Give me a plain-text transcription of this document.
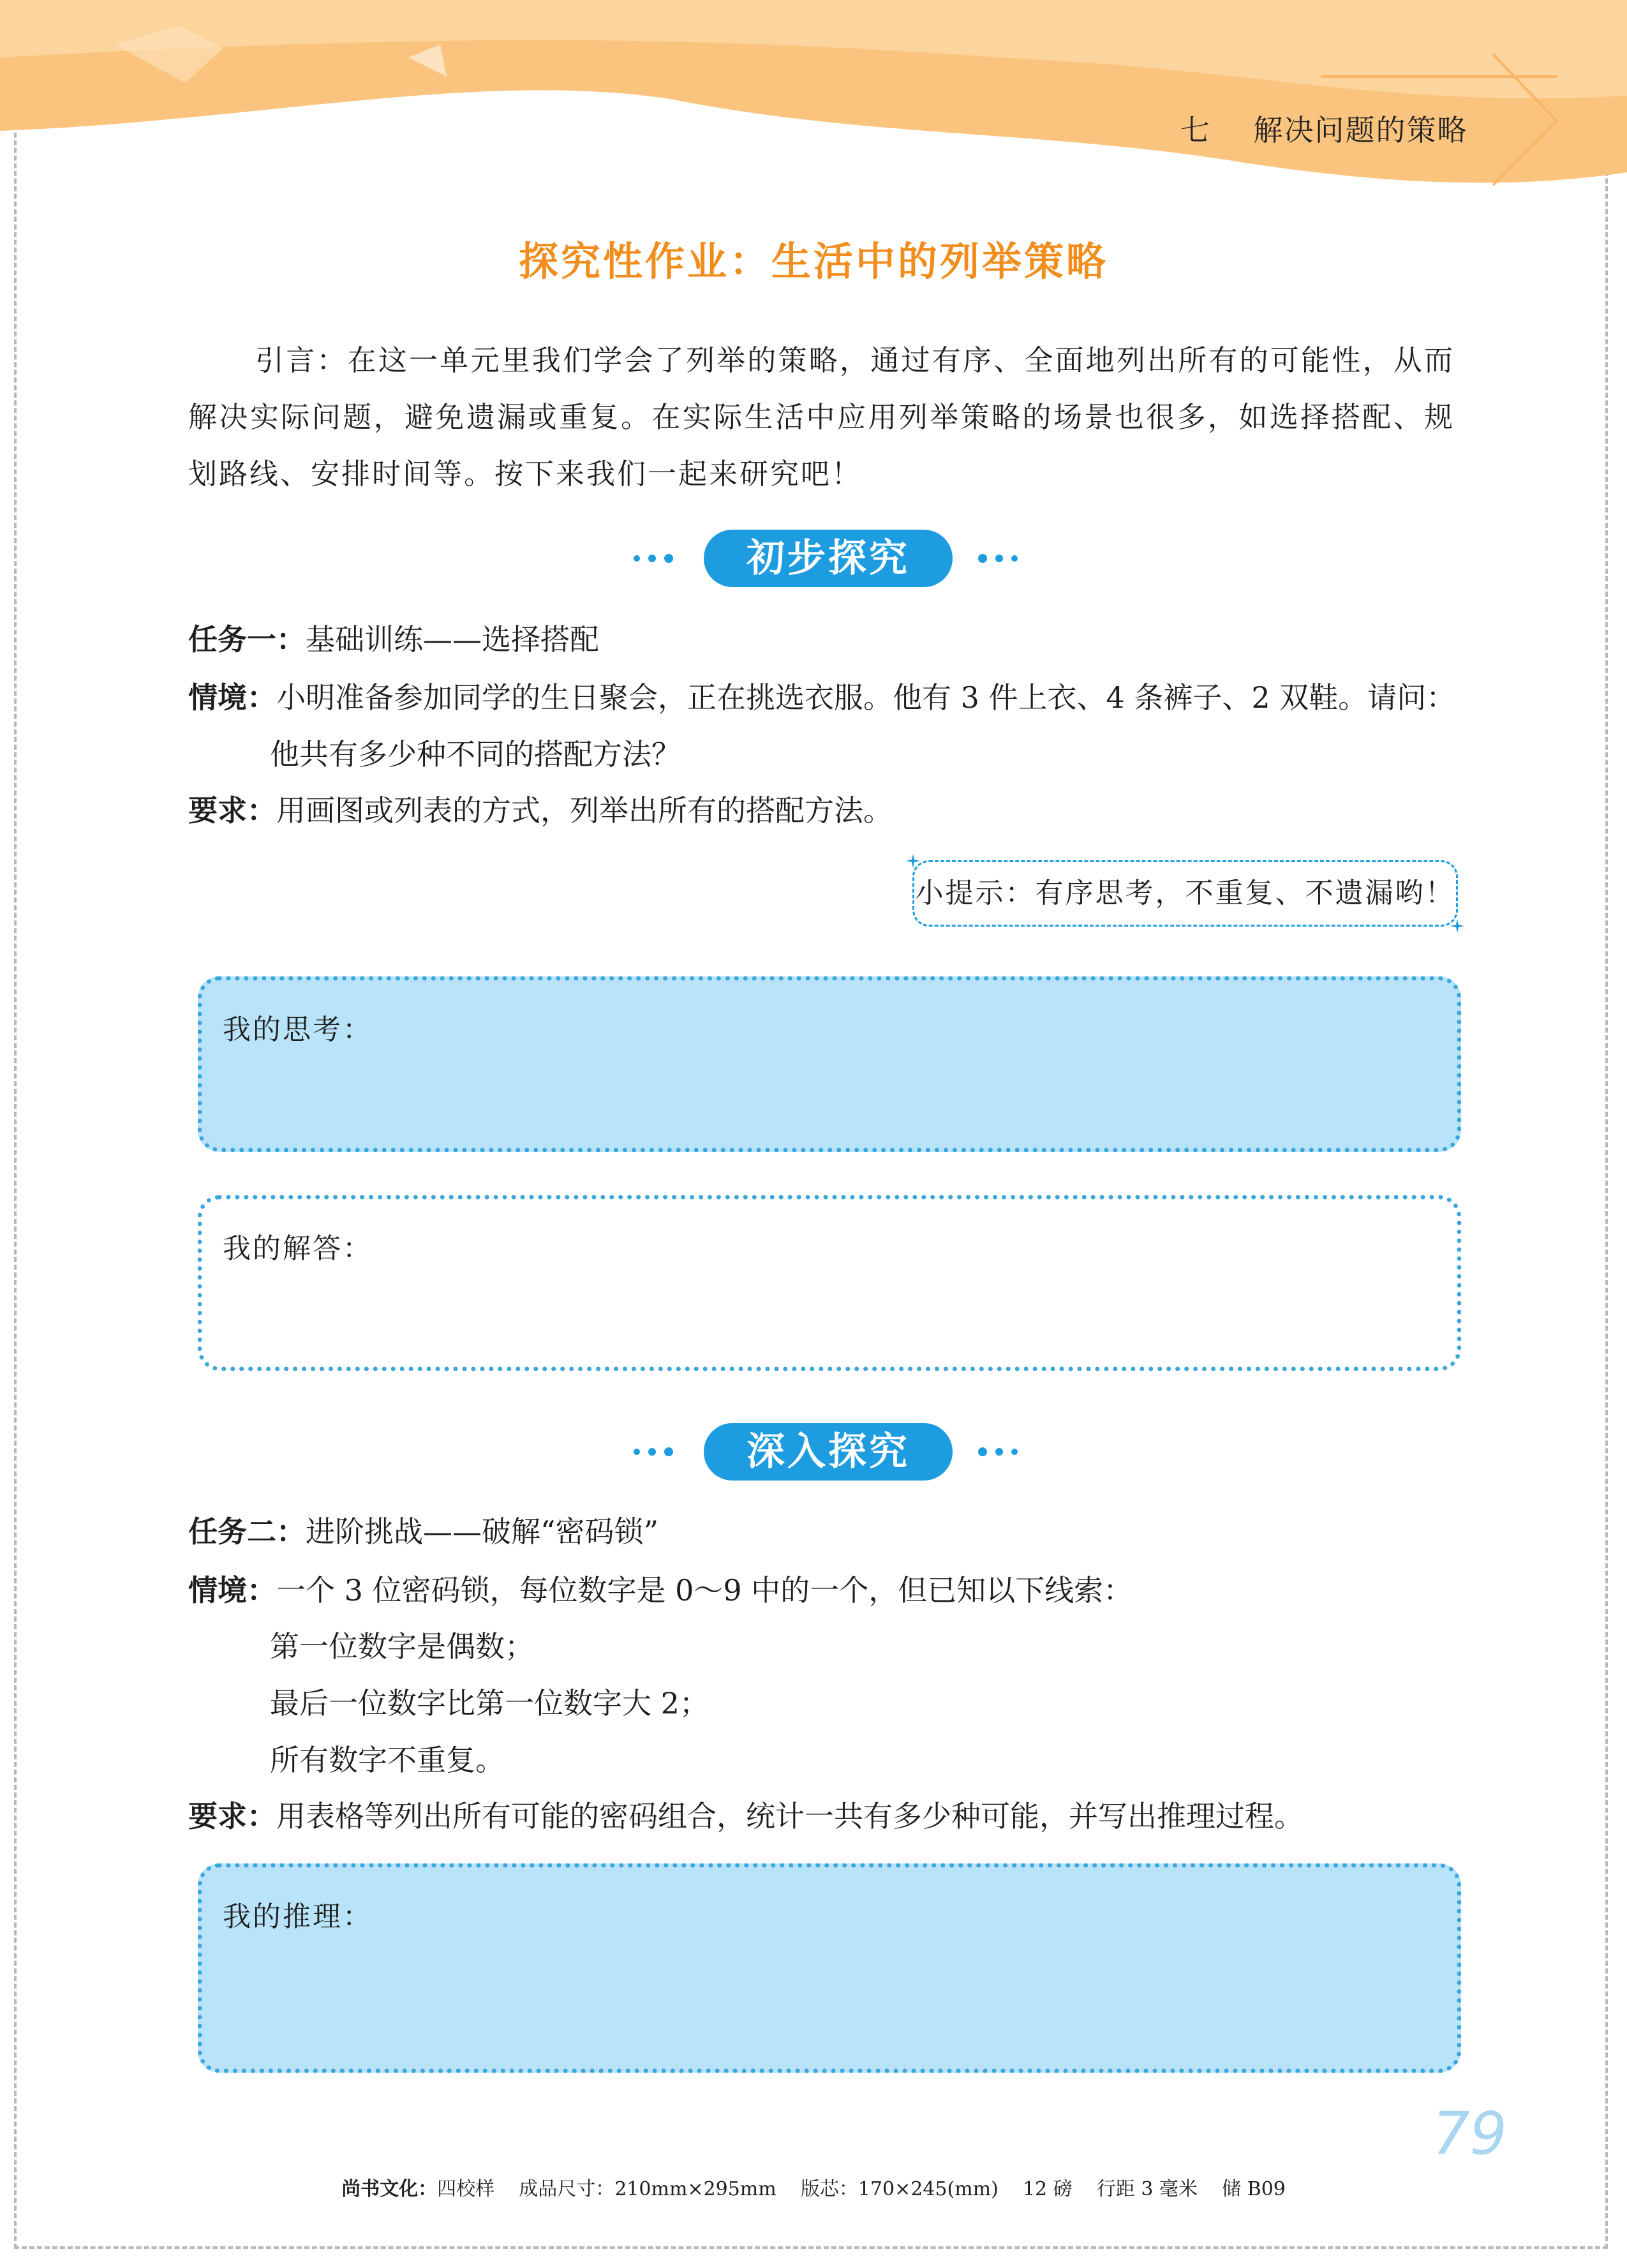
七    解决问题的策略
探究性作业：生活中的列举策略
引言：在这一单元里我们学会了列举的策略，通过有序、全面地列出所有的可能性，从而解决实际问题，避免遗漏或重复。在实际生活中应用列举策略的场景也很多，如选择搭配、规划路线、安排时间等。按下来我们一起来研究吧！
初步探究
任务一：基础训练——选择搭配
情境：小明准备参加同学的生日聚会，正在挑选衣服。他有 3 件上衣、4 条裤子、2 双鞋。请问：
他共有多少种不同的搭配方法？
要求：用画图或列表的方式，列举出所有的搭配方法。
小提示：有序思考，不重复、不遗漏哟！
我的思考：
我的解答：
深入探究
任务二：进阶挑战——破解“密码锁”
情境：一个 3 位密码锁，每位数字是 0～9 中的一个，但已知以下线索：
第一位数字是偶数；
最后一位数字比第一位数字大 2；
所有数字不重复。
要求：用表格等列出所有可能的密码组合，统计一共有多少种可能，并写出推理过程。
我的推理：
79
尚书文化：四校样    成品尺寸：210mm×295mm    版芯：170×245(mm)    12 磅    行距 3 毫米    储 B09
